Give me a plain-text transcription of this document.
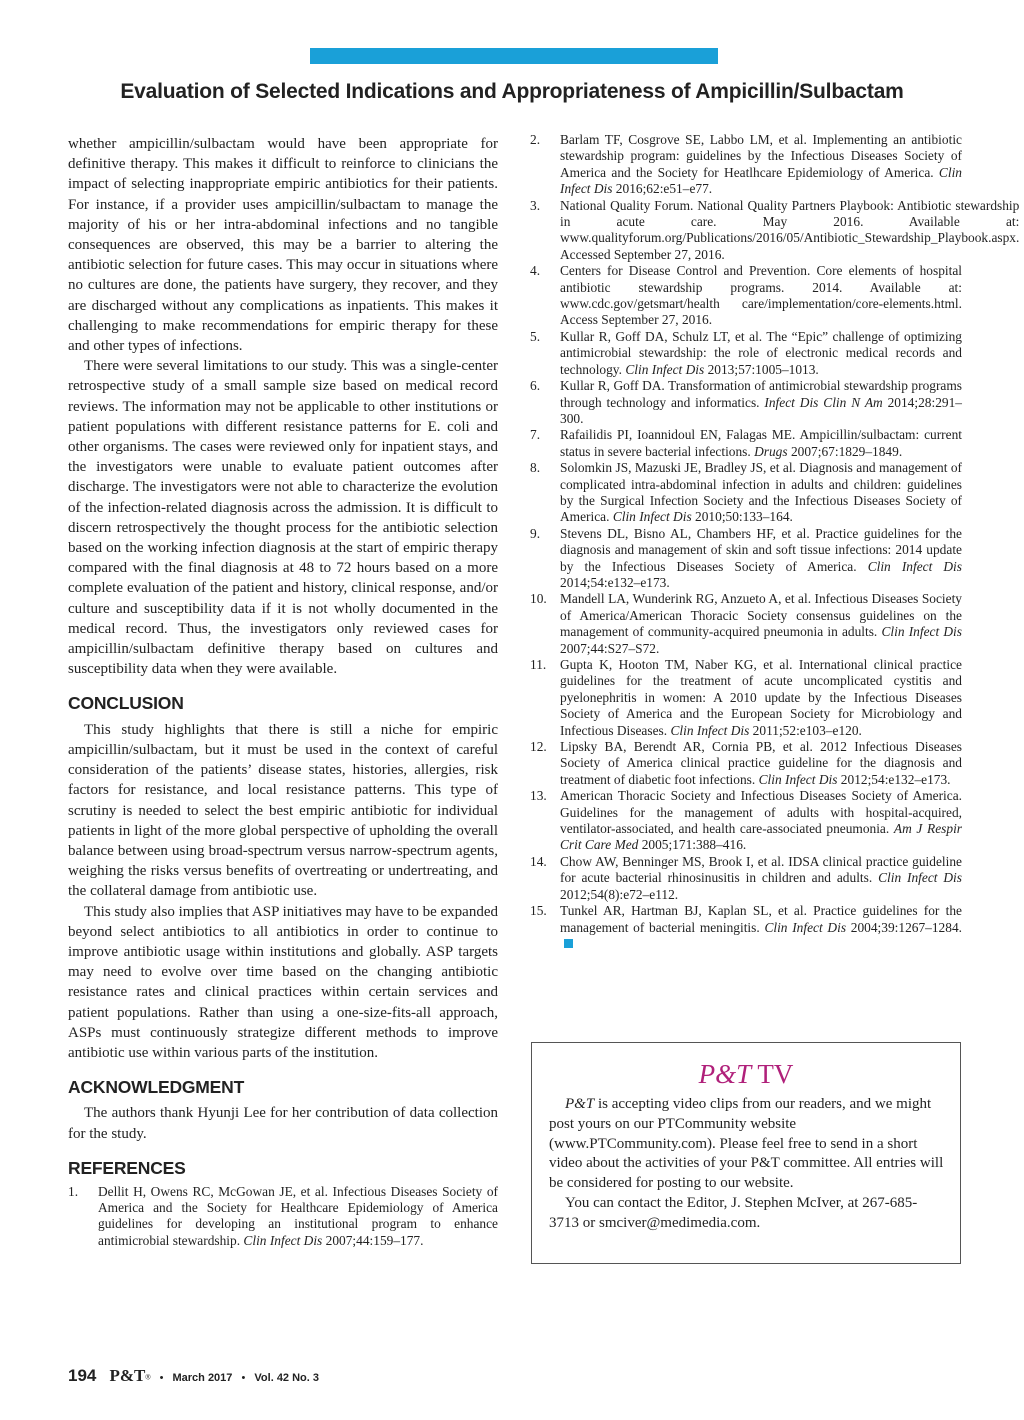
Evaluation of Selected Indications and Appropriateness of Ampicillin/Sulbactam

whether ampicillin/sulbactam would have been appropriate for definitive therapy. This makes it difficult to reinforce to clinicians the impact of selecting inappropriate empiric antibiotics for their patients. For instance, if a provider uses ampicillin/sulbactam to manage the majority of his or her intra-abdominal infections and no tangible consequences are observed, this may be a barrier to altering the antibiotic selection for future cases. This may occur in situations where no cultures are done, the patients have surgery, they recover, and they are discharged without any complications as inpatients. This makes it challenging to make recommendations for empiric therapy for these and other types of infections.

There were several limitations to our study. This was a single-center retrospective study of a small sample size based on medical record reviews. The information may not be applicable to other institutions or patient populations with different resistance patterns for E. coli and other organisms. The cases were reviewed only for inpatient stays, and the investigators were unable to evaluate patient outcomes after discharge. The investigators were not able to characterize the evolution of the infection-related diagnosis across the admission. It is difficult to discern retrospectively the thought process for the antibiotic selection based on the working infection diagnosis at the start of empiric therapy compared with the final diagnosis at 48 to 72 hours based on a more complete evaluation of the patient and history, clinical response, and/or culture and susceptibility data if it is not wholly documented in the medical record. Thus, the investigators only reviewed cases for ampicillin/sulbactam definitive therapy based on cultures and susceptibility data when they were available.

CONCLUSION

This study highlights that there is still a niche for empiric ampicillin/sulbactam, but it must be used in the context of careful consideration of the patients’ disease states, histories, allergies, risk factors for resistance, and local resistance patterns. This type of scrutiny is needed to select the best empiric antibiotic for individual patients in light of the more global perspective of upholding the overall balance between using broad-spectrum versus narrow-spectrum agents, weighing the risks versus benefits of overtreating or undertreating, and the collateral damage from antibiotic use.

This study also implies that ASP initiatives may have to be expanded beyond select antibiotics to all antibiotics in order to continue to improve antibiotic usage within institutions and globally. ASP targets may need to evolve over time based on the changing antibiotic resistance rates and clinical practices within certain services and patient populations. Rather than using a one-size-fits-all approach, ASPs must continuously strategize different methods to improve antibiotic use within various parts of the institution.

ACKNOWLEDGMENT

The authors thank Hyunji Lee for her contribution of data collection for the study.

REFERENCES
1.	Dellit H, Owens RC, McGowan JE, et al. Infectious Diseases Society of America and the Society for Healthcare Epidemiology of America guidelines for developing an institutional program to enhance antimicrobial stewardship. Clin Infect Dis 2007;44:159–177.
2.	Barlam TF, Cosgrove SE, Labbo LM, et al. Implementing an antibiotic stewardship program: guidelines by the Infectious Diseases Society of America and the Society for Heatlhcare Epidemiology of America. Clin Infect Dis 2016;62:e51–e77.
3.	National Quality Forum. National Quality Partners Playbook: Antibiotic stewardship in acute care. May 2016. Available at: www.qualityforum.org/Publications/2016/05/Antibiotic_Stewardship_Playbook.aspx. Accessed September 27, 2016.
4.	Centers for Disease Control and Prevention. Core elements of hospital antibiotic stewardship programs. 2014. Available at: www.cdc.gov/getsmart/health care/implementation/core-elements.html. Access September 27, 2016.
5.	Kullar R, Goff DA, Schulz LT, et al. The “Epic” challenge of optimizing antimicrobial stewardship: the role of electronic medical records and technology. Clin Infect Dis 2013;57:1005–1013.
6.	Kullar R, Goff DA. Transformation of antimicrobial stewardship programs through technology and informatics. Infect Dis Clin N Am 2014;28:291–300.
7.	Rafailidis PI, Ioannidoul EN, Falagas ME. Ampicillin/sulbactam: current status in severe bacterial infections. Drugs 2007;67:1829–1849.
8.	Solomkin JS, Mazuski JE, Bradley JS, et al. Diagnosis and management of complicated intra-abdominal infection in adults and children: guidelines by the Surgical Infection Society and the Infectious Diseases Society of America. Clin Infect Dis 2010;50:133–164.
9.	Stevens DL, Bisno AL, Chambers HF, et al. Practice guidelines for the diagnosis and management of skin and soft tissue infections: 2014 update by the Infectious Diseases Society of America. Clin Infect Dis 2014;54:e132–e173.
10. Mandell LA, Wunderink RG, Anzueto A, et al. Infectious Diseases Society of America/American Thoracic Society consensus guidelines on the management of community-acquired pneumonia in adults. Clin Infect Dis 2007;44:S27–S72.
11.	Gupta K, Hooton TM, Naber KG, et al. International clinical practice guidelines for the treatment of acute uncomplicated cystitis and pyelonephritis in women: A 2010 update by the Infectious Diseases Society of America and the European Society for Microbiology and Infectious Diseases. Clin Infect Dis 2011;52:e103–e120.
12. Lipsky BA, Berendt AR, Cornia PB, et al. 2012 Infectious Diseases Society of America clinical practice guideline for the diagnosis and treatment of diabetic foot infections. Clin Infect Dis 2012;54:e132–e173.
13. American Thoracic Society and Infectious Diseases Society of America. Guidelines for the management of adults with hospital-acquired, ventilator-associated, and health care-associated pneumonia. Am J Respir Crit Care Med 2005;171:388–416.
14. Chow AW, Benninger MS, Brook I, et al. IDSA clinical practice guideline for acute bacterial rhinosinusitis in children and adults. Clin Infect Dis 2012;54(8):e72–e112.
15. Tunkel AR, Hartman BJ, Kaplan SL, et al. Practice guidelines for the management of bacterial meningitis. Clin Infect Dis 2004;39:1267–1284.
P&T TV

P&T is accepting video clips from our readers, and we might post yours on our PTCommunity website (www.PTCommunity.com). Please feel free to send in a short video about the activities of your P&T committee. All entries will be considered for posting to our website.

You can contact the Editor, J. Stephen McIver, at 267-685-3713 or smciver@medimedia.com.

194 P&T® • March 2017 • Vol. 42 No. 3
